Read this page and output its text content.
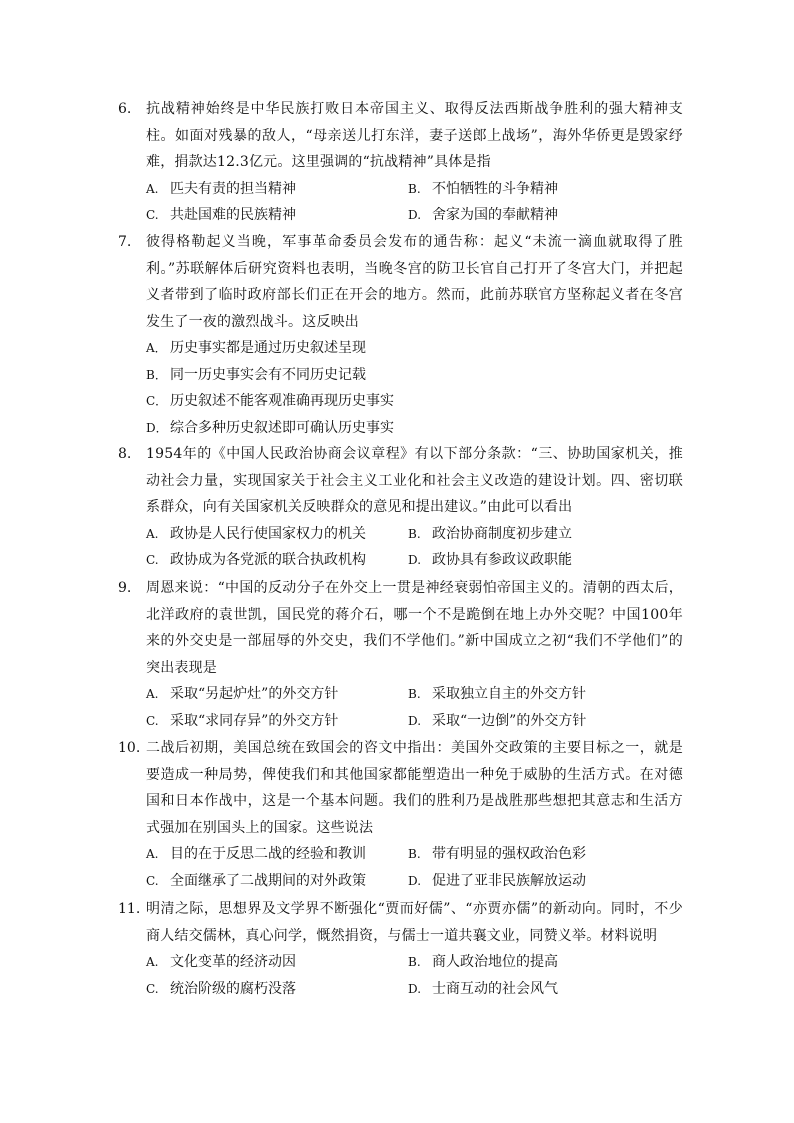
6.	抗战精神始终是中华民族打败日本帝国主义、取得反法西斯战争胜利的强大精神支柱。如面对残暴的敌人，“母亲送儿打东洋，妻子送郎上战场”，海外华侨更是毁家纾难，捐款达12.3亿元。这里强调的“抗战精神”具体是指
A. 匹夫有责的担当精神	B. 不怕牺牲的斗争精神
C. 共赴国难的民族精神	D. 舍家为国的奉献精神
7.	彼得格勒起义当晚，军事革命委员会发布的通告称：起义“未流一滴血就取得了胜利。”苏联解体后研究资料也表明，当晚冬宫的防卫长官自己打开了冬宫大门，并把起义者带到了临时政府部长们正在开会的地方。然而，此前苏联官方坚称起义者在冬宫发生了一夜的激烈战斗。这反映出
A． 历史事实都是通过历史叙述呈现
B． 同一历史事实会有不同历史记载
C． 历史叙述不能客观准确再现历史事实
D． 综合多种历史叙述即可确认历史事实
8.	1954年的《中国人民政治协商会议章程》有以下部分条款：“三、协助国家机关，推动社会力量，实现国家关于社会主义工业化和社会主义改造的建设计划。四、密切联系群众，向有关国家机关反映群众的意见和提出建议。”由此可以看出
A. 政协是人民行使国家权力的机关	B. 政治协商制度初步建立
C. 政协成为各党派的联合执政机构	D. 政协具有参政议政职能
9.	周恩来说：“中国的反动分子在外交上一贯是神经衰弱怕帝国主义的。清朝的西太后，北洋政府的袁世凯，国民党的蒋介石，哪一个不是跪倒在地上办外交呢？中国100年来的外交史是一部屈辱的外交史，我们不学他们。”新中国成立之初“我们不学他们”的突出表现是
A. 采取“另起炉灶”的外交方针	B. 采取独立自主的外交方针
C. 采取“求同存异”的外交方针	D. 采取“一边倒”的外交方针
10. 二战后初期，美国总统在致国会的咨文中指出：美国外交政策的主要目标之一，就是要造成一种局势，俾使我们和其他国家都能塑造出一种免于威胁的生活方式。在对德国和日本作战中，这是一个基本问题。我们的胜利乃是战胜那些想把其意志和生活方式强加在别国头上的国家。这些说法
A. 目的在于反思二战的经验和教训	B. 带有明显的强权政治色彩
C. 全面继承了二战期间的对外政策	D. 促进了亚非民族解放运动
11. 明清之际，思想界及文学界不断强化“贾而好儒”、“亦贾亦儒”的新动向。同时，不少商人结交儒林，真心问学，慨然捐资，与儒士一道共襄文业，同赞义举。材料说明
A. 文化变革的经济动因	B. 商人政治地位的提高
C. 统治阶级的腐朽没落	D. 士商互动的社会风气
